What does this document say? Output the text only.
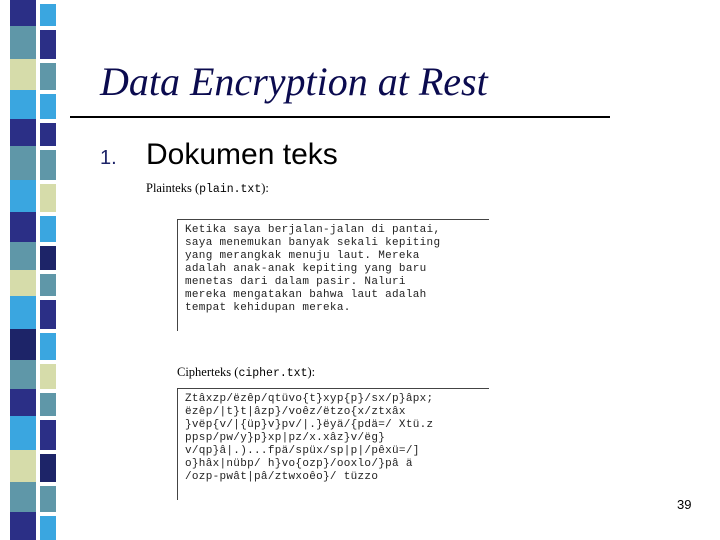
Data Encryption at Rest
1. Dokumen teks
Plainteks (plain.txt):
Ketika saya berjalan-jalan di pantai,
saya menemukan banyak sekali kepiting
yang merangkak menuju laut. Mereka
adalah anak-anak kepiting yang baru
menetas dari dalam pasir. Naluri
mereka mengatakan bahwa laut adalah
tempat kehidupan mereka.
Cipherteks (cipher.txt):
Ztâxzp/ëzêp/qtüvo{t}xyp{p}/sx/p}âpx;
ëzêp/|t}t|âzp}/voêz/ëtzo{x/ztxâx
}vëp{v/|{üp}v}pv/|.}ëyä/{pdä=/ Xtü.z
ppsp/pw/y}p}xp|pz/x.xâz}v/ëg}
v/qp}â|.)...fpä/spüx/sp|p|/pêxü=/]
o}hâx|nübp/ h}vo{ozp}/ooxlo/}pâ ä
/ozp-pwât|pâ/ztwxoêo}/ tüzzo
39
